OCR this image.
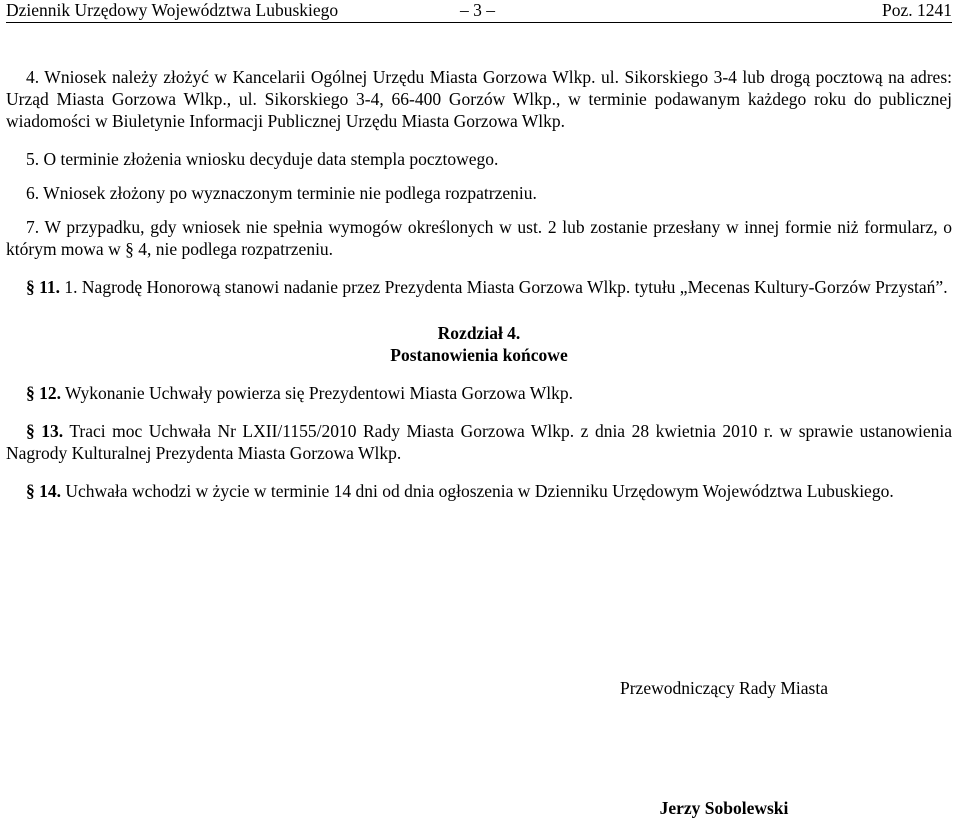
Dziennik Urzędowy Województwa Lubuskiego	– 3 –	Poz. 1241

4. Wniosek należy złożyć w Kancelarii Ogólnej Urzędu Miasta Gorzowa Wlkp. ul. Sikorskiego 3-4 lub drogą pocztową na adres: Urząd Miasta Gorzowa Wlkp., ul. Sikorskiego 3-4, 66-400 Gorzów Wlkp., w terminie podawanym każdego roku do publicznej wiadomości w Biuletynie Informacji Publicznej Urzędu Miasta Gorzowa Wlkp.

5. O terminie złożenia wniosku decyduje data stempla pocztowego.

6. Wniosek złożony po wyznaczonym terminie nie podlega rozpatrzeniu.

7. W przypadku, gdy wniosek nie spełnia wymogów określonych w ust. 2 lub zostanie przesłany w innej formie niż formularz, o którym mowa w § 4, nie podlega rozpatrzeniu.

§ 11. 1. Nagrodę Honorową stanowi nadanie przez Prezydenta Miasta Gorzowa Wlkp. tytułu „Mecenas Kultury-Gorzów Przystań”.

Rozdział 4.

Postanowienia końcowe

§ 12. Wykonanie Uchwały powierza się Prezydentowi Miasta Gorzowa Wlkp.

§ 13. Traci moc Uchwała Nr LXII/1155/2010 Rady Miasta Gorzowa Wlkp. z dnia 28 kwietnia 2010 r. w sprawie ustanowienia Nagrody Kulturalnej Prezydenta Miasta Gorzowa Wlkp.

§ 14. Uchwała wchodzi w życie w terminie 14 dni od dnia ogłoszenia w Dzienniku Urzędowym Województwa Lubuskiego.

Przewodniczący Rady Miasta
Jerzy Sobolewski
